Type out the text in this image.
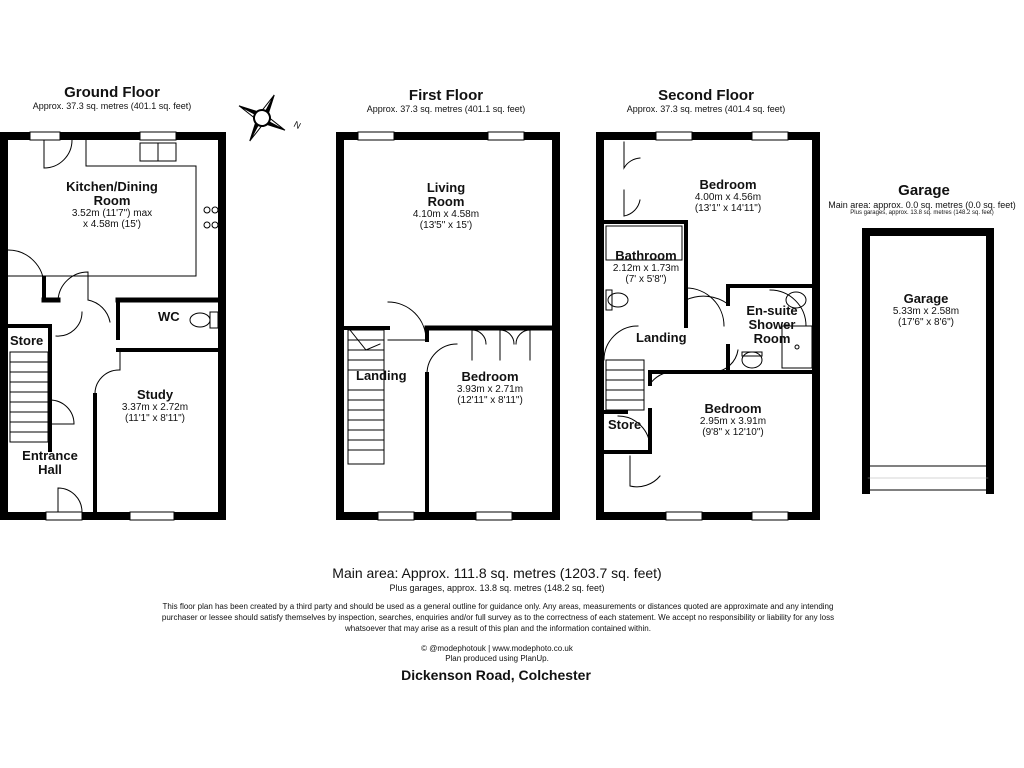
N
Ground Floor
Approx. 37.3 sq. metres (401.1 sq. feet)
Kitchen/Dining
Room
3.52m (11'7") max
x 4.58m (15')
WC
Store
Study
3.37m x 2.72m
(11'1" x 8'11")
Entrance
Hall
First Floor
Approx. 37.3 sq. metres (401.1 sq. feet)
Living
Room
4.10m x 4.58m
(13'5" x 15')
Landing	Bedroom
3.93m x 2.71m
(12'11" x 8'11")
Second Floor
Approx. 37.3 sq. metres (401.4 sq. feet)
Bedroom
4.00m x 4.56m
(13'1" x 14'11")
Bathroom
2.12m x 1.73m
(7' x 5'8")
En-suite
Shower
Room
Landing
Bedroom
2.95m x 3.91m
(9'8" x 12'10")
Store
Garage
Main area: approx. 0.0 sq. metres (0.0 sq. feet)
Plus garages, approx. 13.8 sq. metres (148.2 sq. feet)
Garage
5.33m x 2.58m
(17'6" x 8'6")
Main area: Approx. 111.8 sq. metres (1203.7 sq. feet)
Plus garages, approx. 13.8 sq. metres (148.2 sq. feet)
This floor plan has been created by a third party and should be used as a general outline for guidance only. Any areas, measurements or distances quoted are approximate and any intending purchaser or lessee should satisfy themselves by inspection, searches, enquiries and/or full survey as to the correctness of each statement. We accept no responsibility or liability for any loss whatsoever that may arise as a result of this plan and the information contained within.
© @modephotouk | www.modephoto.co.uk
Plan produced using PlanUp.
Dickenson Road, Colchester
